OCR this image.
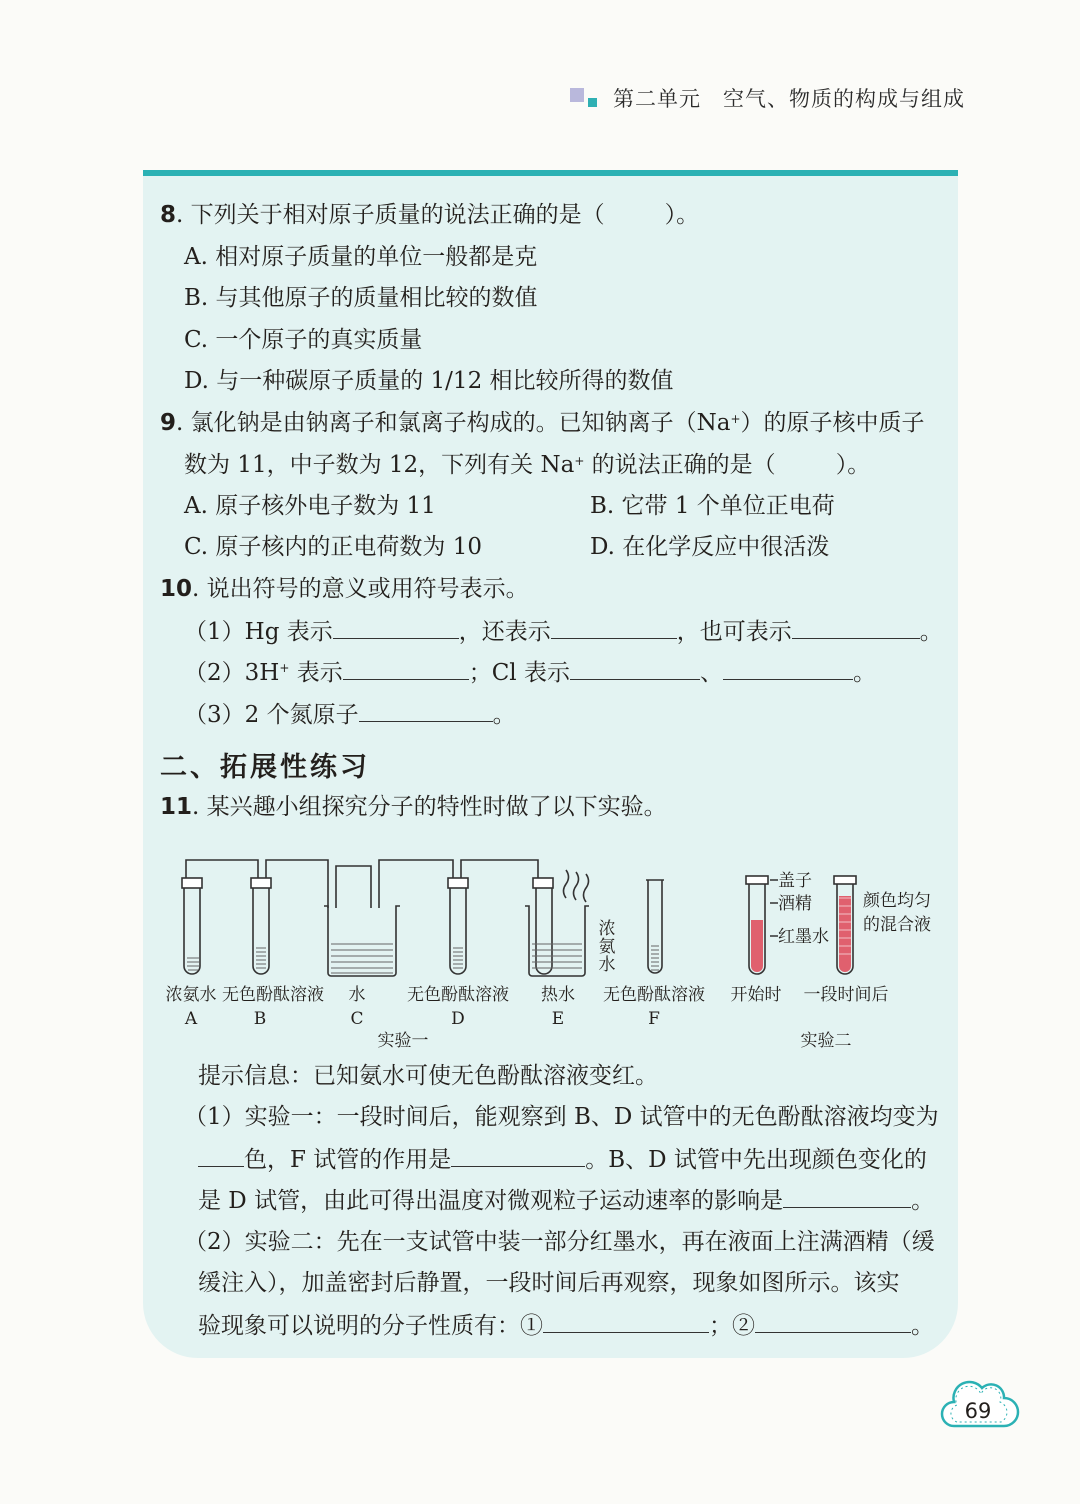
第二单元 空气、物质的构成与组成
8. 下列关于相对原子质量的说法正确的是（	）。
A. 相对原子质量的单位一般都是克
B. 与其他原子的质量相比较的数值
C. 一个原子的真实质量
D. 与一种碳原子质量的 1/12 相比较所得的数值
9. 氯化钠是由钠离子和氯离子构成的。已知钠离子（Na+）的原子核中质子
数为 11，中子数为 12，下列有关 Na+ 的说法正确的是（	）。
A. 原子核外电子数为 11	B. 它带 1 个单位正电荷
C. 原子核内的正电荷数为 10	D. 在化学反应中很活泼
10. 说出符号的意义或用符号表示。
（1）Hg 表示	，还表示	，也可表示	。
（2）3H+ 表示	；Cl 表示	、	。
（3）2 个氮原子	。
二、拓展性练习
11. 某兴趣小组探究分子的特性时做了以下实验。
浓氨水 无色酚酞溶液 水 无色酚酞溶液 热水 无色酚酞溶液
浓
氨
水
A	B	C	D	E	F
实验一	实验二
开始时 一段时间后
盖子
酒精
红墨水
颜色均匀
的混合液
提示信息：已知氨水可使无色酚酞溶液变红。
（1）实验一：一段时间后，能观察到 B、D 试管中的无色酚酞溶液均变为
色，F 试管的作用是	。B、D 试管中先出现颜色变化的
是 D 试管，由此可得出温度对微观粒子运动速率的影响是	。
（2）实验二：先在一支试管中装一部分红墨水，再在液面上注满酒精（缓
缓注入），加盖密封后静置，一段时间后再观察，现象如图所示。该实
验现象可以说明的分子性质有：①	；②	。
69
